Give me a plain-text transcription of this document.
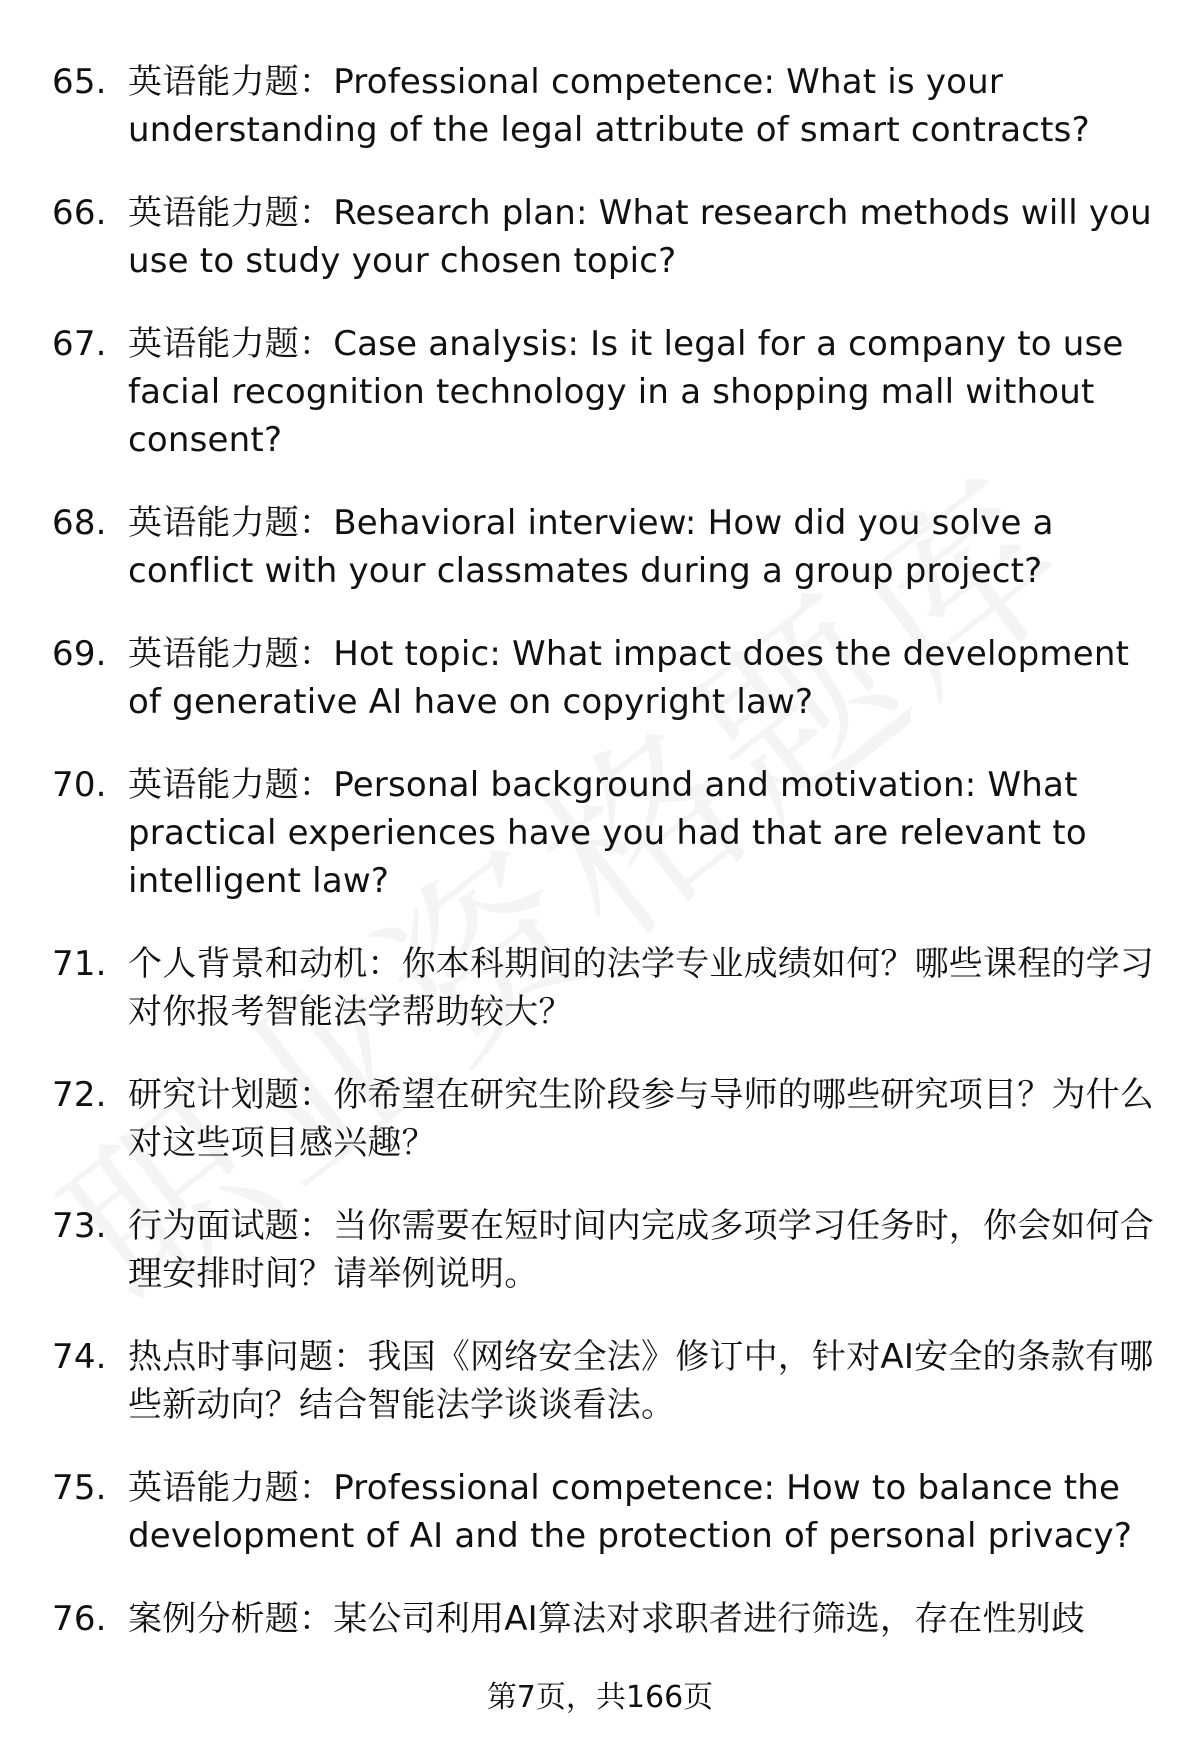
65. 英语能力题：Professional competence: What is your understanding of the legal attribute of smart contracts?
66. 英语能力题：Research plan: What research methods will you use to study your chosen topic?
67. 英语能力题：Case analysis: Is it legal for a company to use facial recognition technology in a shopping mall without consent?
68. 英语能力题：Behavioral interview: How did you solve a conflict with your classmates during a group project?
69. 英语能力题：Hot topic: What impact does the development of generative AI have on copyright law?
70. 英语能力题：Personal background and motivation: What practical experiences have you had that are relevant to intelligent law?
71. 个人背景和动机：你本科期间的法学专业成绩如何？哪些课程的学习对你报考智能法学帮助较大？
72. 研究计划题：你希望在研究生阶段参与导师的哪些研究项目？为什么对这些项目感兴趣？
73. 行为面试题：当你需要在短时间内完成多项学习任务时，你会如何合理安排时间？请举例说明。
74. 热点时事问题：我国《网络安全法》修订中，针对AI安全的条款有哪些新动向？结合智能法学谈谈看法。
75. 英语能力题：Professional competence: How to balance the development of AI and the protection of personal privacy?
76. 案例分析题：某公司利用AI算法对求职者进行筛选，存在性别歧
第7页，共166页
